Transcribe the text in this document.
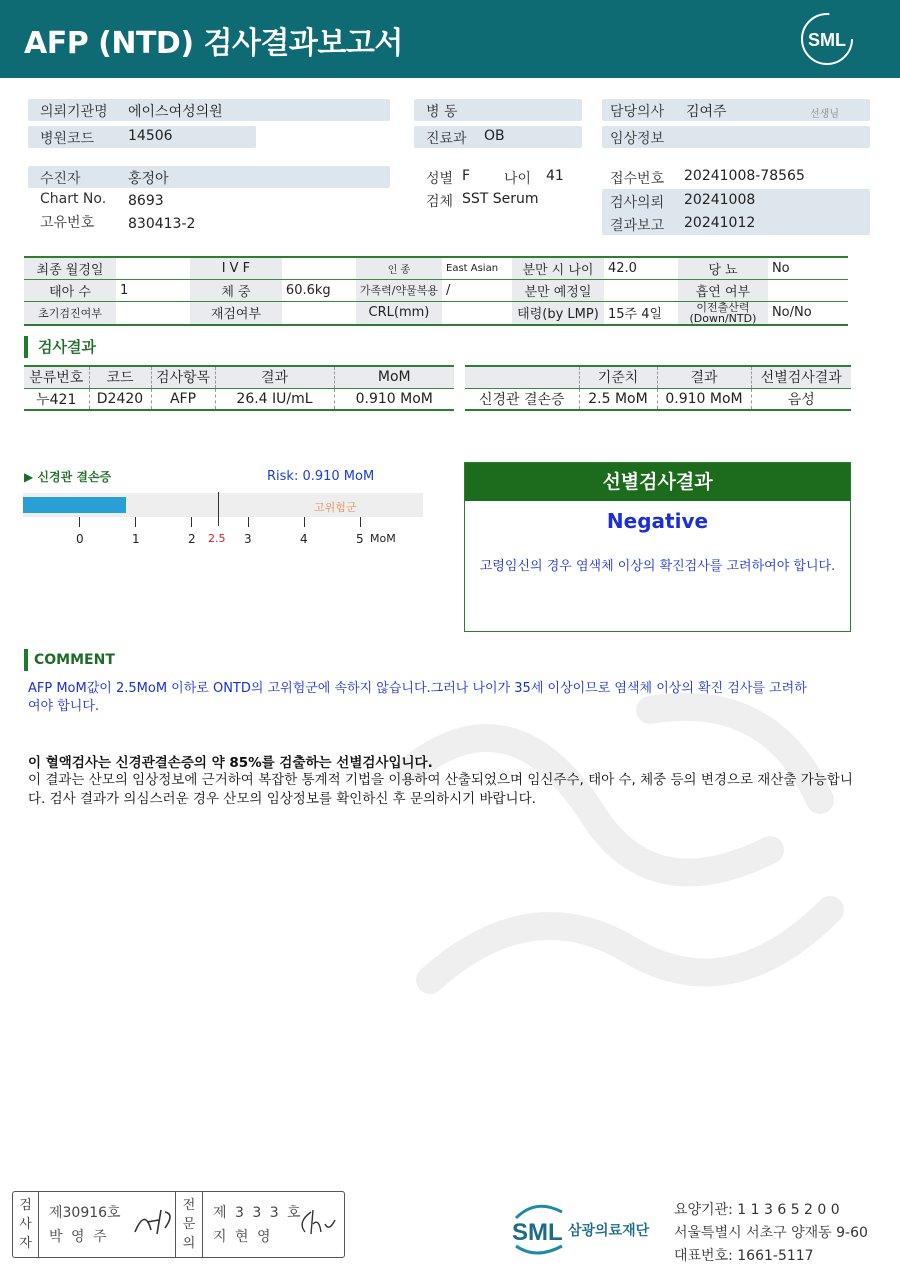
AFP (NTD) 검사결과보고서	SML
의뢰기관명 에이스여성의원
병원코드 14506
병 동
진료과 OB
담당의사 김여주	선생님
임상정보
수진자	홍정아
Chart No. 8693
고유번호 830413-2
성별 F 나이 41
검체 SST Serum
접수번호 20241008-78565
검사의뢰 20241008
결과보고 20241012
최종 월경일		I V F		인 종	East Asian	분만 시 나이	42.0	당 뇨	No
태아 수	1	체 중	60.6kg	가족력/약물복용	/	분만 예정일		흡연 여부	
초기검진여부		재검여부		CRL(mm)		태령(by LMP)	15주 4일	이전출산력 (Down/NTD)	No/No
검사결과
분류번호	코드	검사항목	결과	MoM
누421	D2420	AFP	26.4 IU/mL	0.910 MoM
	기준치	결과	선별검사결과
신경관 결손증	2.5 MoM	0.910 MoM	음성
▶ 신경관 결손증	Risk: 0.910 MoM
고위험군
0	1	2	3	4	5
2.5	MoM
선별검사결과
Negative
고령임신의 경우 염색체 이상의 확진검사를 고려하여야 합니다.
COMMENT
AFP MoM값이 2.5MoM 이하로 ONTD의 고위험군에 속하지 않습니다.그러나 나이가 35세 이상이므로 염색체 이상의 확진 검사를 고려하여야 합니다.
이 혈액검사는 신경관결손증의 약 85%를 검출하는 선별검사입니다.
이 결과는 산모의 임상정보에 근거하여 복잡한 통계적 기법을 이용하여 산출되었으며 임신주수, 태아 수, 체중 등의 변경으로 재산출 가능합니다. 검사 결과가 의심스러운 경우 산모의 임상정보를 확인하신 후 문의하시기 바랍니다.
검 사 자
제30916호
박 영 주
전 문 의
제 3 3 3 호
지 현 영	SML 삼광의료재단
요양기관: 1 1 3 6 5 2 0 0
서울특별시 서초구 양재동 9-60
대표번호: 1661-5117
